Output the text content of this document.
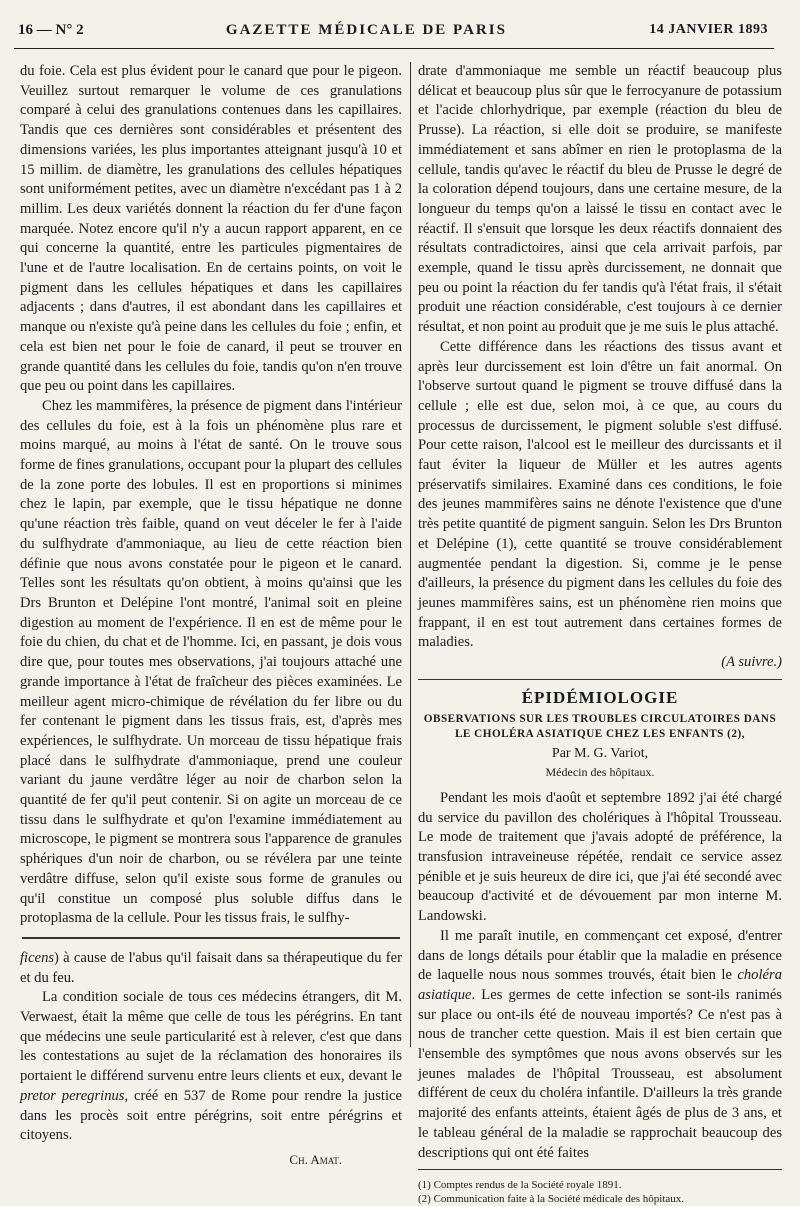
16 — N° 2	GAZETTE MÉDICALE DE PARIS	14 JANVIER 1893

du foie. Cela est plus évident pour le canard que pour le pigeon. Veuillez surtout remarquer le volume de ces granulations comparé à celui des granulations contenues dans les capillaires. Tandis que ces dernières sont considérables et présentent des dimensions variées, les plus importantes atteignant jusqu'à 10 et 15 millim. de diamètre, les granulations des cellules hépatiques sont uniformément petites, avec un diamètre n'excédant pas 1 à 2 millim. Les deux variétés donnent la réaction du fer d'une façon marquée. Notez encore qu'il n'y a aucun rapport apparent, en ce qui concerne la quantité, entre les particules pigmentaires de l'une et de l'autre localisation. En de certains points, on voit le pigment dans les cellules hépatiques et dans les capillaires adjacents ; dans d'autres, il est abondant dans les capillaires et manque ou n'existe qu'à peine dans les cellules du foie ; enfin, et cela est bien net pour le foie de canard, il peut se trouver en grande quantité dans les cellules du foie, tandis qu'on n'en trouve que peu ou point dans les capillaires.

Chez les mammifères, la présence de pigment dans l'intérieur des cellules du foie, est à la fois un phénomène plus rare et moins marqué, au moins à l'état de santé. On le trouve sous forme de fines granulations, occupant pour la plupart des cellules de la zone porte des lobules. Il est en proportions si minimes chez le lapin, par exemple, que le tissu hépatique ne donne qu'une réaction très faible, quand on veut déceler le fer à l'aide du sulfhydrate d'ammoniaque, au lieu de cette réaction bien définie que nous avons constatée pour le pigeon et le canard. Telles sont les résultats qu'on obtient, à moins qu'ainsi que les Drs Brunton et Delépine l'ont montré, l'animal soit en pleine digestion au moment de l'expérience. Il en est de même pour le foie du chien, du chat et de l'homme. Ici, en passant, je dois vous dire que, pour toutes mes observations, j'ai toujours attaché une grande importance à l'état de fraîcheur des pièces examinées. Le meilleur agent micro-chimique de révélation du fer libre ou du fer contenant le pigment dans les tissus frais, est, d'après mes expériences, le sulfhydrate. Un morceau de tissu hépatique frais placé dans le sulfhydrate d'ammoniaque, prend une couleur variant du jaune verdâtre léger au noir de charbon selon la quantité de fer qu'il peut contenir. Si on agite un morceau de ce tissu dans le sulfhydrate et qu'on l'examine immédiatement au microscope, le pigment se montrera sous l'apparence de granules sphériques d'un noir de charbon, ou se révélera par une teinte verdâtre diffuse, selon qu'il existe sous forme de granules ou qu'il constitue un composé plus soluble diffus dans le protoplasma de la cellule. Pour les tissus frais, le sulfhy-

ficens) à cause de l'abus qu'il faisait dans sa thérapeutique du fer et du feu.

La condition sociale de tous ces médecins étrangers, dit M. Verwaest, était la même que celle de tous les pérégrins. En tant que médecins une seule particularité est à relever, c'est que dans les contestations au sujet de la réclamation des honoraires ils portaient le différend survenu entre leurs clients et eux, devant le pretor peregrinus, créé en 537 de Rome pour rendre la justice dans les procès soit entre pérégrins, soit entre pérégrins et citoyens.

Ch. Amat.

drate d'ammoniaque me semble un réactif beaucoup plus délicat et beaucoup plus sûr que le ferrocyanure de potassium et l'acide chlorhydrique, par exemple (réaction du bleu de Prusse). La réaction, si elle doit se produire, se manifeste immédiatement et sans abîmer en rien le protoplasma de la cellule, tandis qu'avec le réactif du bleu de Prusse le degré de la coloration dépend toujours, dans une certaine mesure, de la longueur du temps qu'on a laissé le tissu en contact avec le réactif. Il s'ensuit que lorsque les deux réactifs donnaient des résultats contradictoires, ainsi que cela arrivait parfois, par exemple, quand le tissu après durcissement, ne donnait que peu ou point la réaction du fer tandis qu'à l'état frais, il s'était produit une réaction considérable, c'est toujours à ce dernier résultat, et non point au produit que je me suis le plus attaché.

Cette différence dans les réactions des tissus avant et après leur durcissement est loin d'être un fait anormal. On l'observe surtout quand le pigment se trouve diffusé dans la cellule ; elle est due, selon moi, à ce que, au cours du processus de durcissement, le pigment soluble s'est diffusé. Pour cette raison, l'alcool est le meilleur des durcissants et il faut éviter la liqueur de Müller et les autres agents préservatifs similaires. Examiné dans ces conditions, le foie des jeunes mammifères sains ne dénote l'existence que d'une très petite quantité de pigment sanguin. Selon les Drs Brunton et Delépine (1), cette quantité se trouve considérablement augmentée pendant la digestion. Si, comme je le pense d'ailleurs, la présence du pigment dans les cellules du foie des jeunes mammifères sains, est un phénomène rien moins que frappant, il en est tout autrement dans certaines formes de maladies.

(A suivre.)
ÉPIDÉMIOLOGIE
OBSERVATIONS SUR LES TROUBLES CIRCULATOIRES DANS LE CHOLÉRA ASIATIQUE CHEZ LES ENFANTS (2),
Par M. G. Variot,
Médecin des hôpitaux.

Pendant les mois d'août et septembre 1892 j'ai été chargé du service du pavillon des cholériques à l'hôpital Trousseau. Le mode de traitement que j'avais adopté de préférence, la transfusion intraveineuse répétée, rendait ce service assez pénible et je suis heureux de dire ici, que j'ai été secondé avec beaucoup d'activité et de dévouement par mon interne M. Landowski.

Il me paraît inutile, en commençant cet exposé, d'entrer dans de longs détails pour établir que la maladie en présence de laquelle nous nous sommes trouvés, était bien le choléra asiatique. Les germes de cette infection se sont-ils ranimés sur place ou ont-ils été de nouveau importés? Ce n'est pas à nous de trancher cette question. Mais il est bien certain que l'ensemble des symptômes que nous avons observés sur les jeunes malades de l'hôpital Trousseau, est absolument différent de ceux du choléra infantile. D'ailleurs la très grande majorité des enfants atteints, étaient âgés de plus de 3 ans, et le tableau général de la maladie se rapprochait beaucoup des descriptions qui ont été faites

(1) Comptes rendus de la Société royale 1891.
(2) Communication faite à la Société médicale des hôpitaux.
